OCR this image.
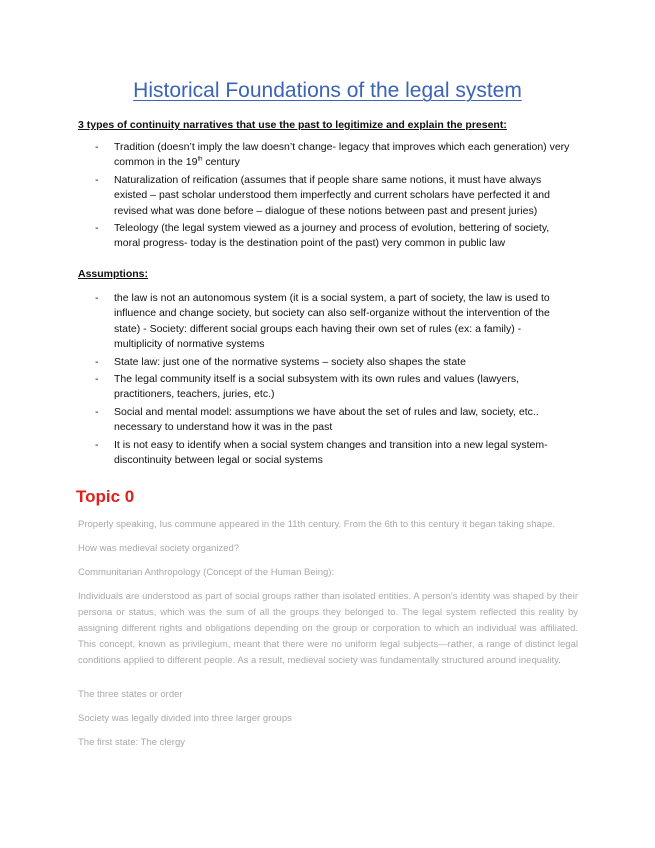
Historical Foundations of the legal system
3 types of continuity narratives that use the past to legitimize and explain the present:
- Tradition (doesn’t imply the law doesn’t change- legacy that improves which each generation) very common in the 19th century
- Naturalization of reification (assumes that if people share same notions, it must have always existed – past scholar understood them imperfectly and current scholars have perfected it and revised what was done before – dialogue of these notions between past and present juries)
- Teleology (the legal system viewed as a journey and process of evolution, bettering of society, moral progress- today is the destination point of the past) very common in public law
Assumptions:
- the law is not an autonomous system (it is a social system, a part of society, the law is used to influence and change society, but society can also self-organize without the intervention of the state) - Society: different social groups each having their own set of rules (ex: a family) - multiplicity of normative systems
- State law: just one of the normative systems – society also shapes the state
- The legal community itself is a social subsystem with its own rules and values (lawyers, practitioners, teachers, juries, etc.)
- Social and mental model: assumptions we have about the set of rules and law, society, etc.. necessary to understand how it was in the past
- It is not easy to identify when a social system changes and transition into a new legal system- discontinuity between legal or social systems
Topic 0

Properly speaking, Ius commune appeared in the 11th century. From the 6th to this century it began taking shape.

How was medieval society organized?

Communitarian Anthropology (Concept of the Human Being):

Individuals are understood as part of social groups rather than isolated entities. A person's identity was shaped by their persona or status, which was the sum of all the groups they belonged to. The legal system reflected this reality by assigning different rights and obligations depending on the group or corporation to which an individual was affiliated. This concept, known as privilegium, meant that there were no uniform legal subjects—rather, a range of distinct legal conditions applied to different people. As a result, medieval society was fundamentally structured around inequality.

The three states or order

Society was legally divided into three larger groups

The first state: The clergy
